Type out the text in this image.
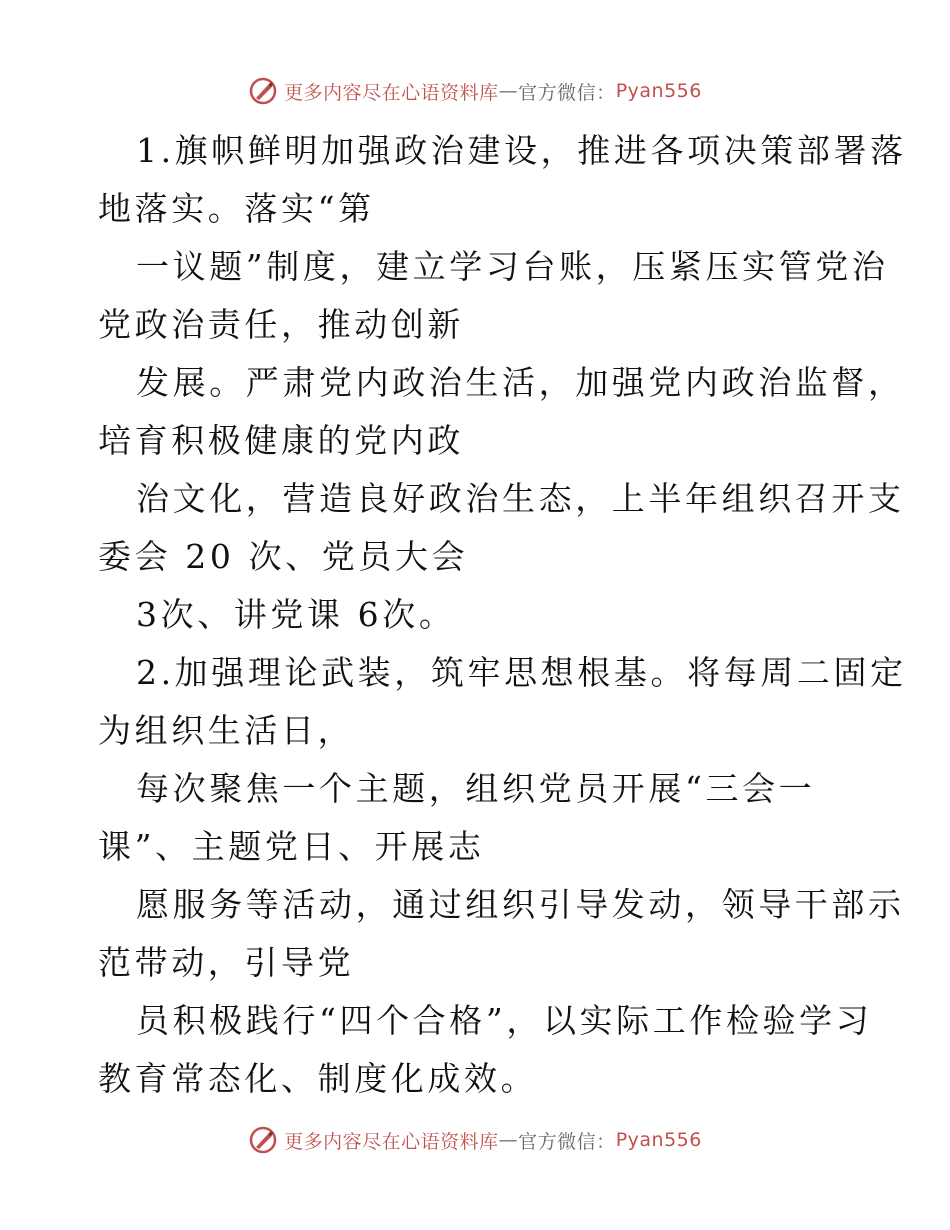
更多内容尽在心语资料库 — 官方微信： Pyan556
1.旗帜鲜明加强政治建设，推进各项决策部署落
地落实。落实“第
一议题”制度，建立学习台账，压紧压实管党治
党政治责任，推动创新
发展。严肃党内政治生活，加强党内政治监督，
培育积极健康的党内政
治文化，营造良好政治生态，上半年组织召开支
委会 20 次、党员大会
3次、讲党课 6次。
2.加强理论武装，筑牢思想根基。将每周二固定
为组织生活日，
每次聚焦一个主题，组织党员开展“三会一
课”、主题党日、开展志
愿服务等活动，通过组织引导发动，领导干部示
范带动，引导党
员积极践行“四个合格”，以实际工作检验学习
教育常态化、制度化成效。
更多内容尽在心语资料库 — 官方微信： Pyan556
